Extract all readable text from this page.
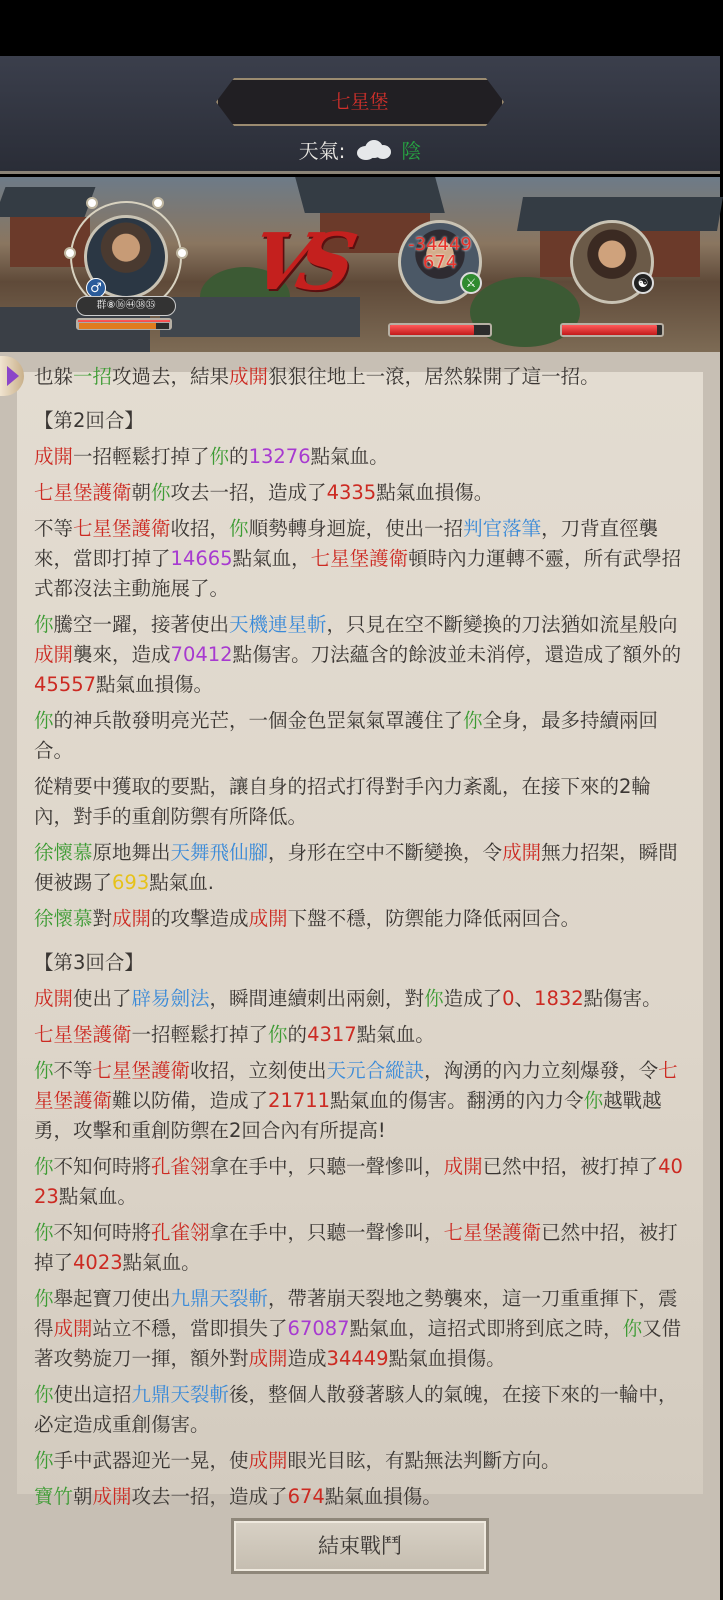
七星堡
天氣:	陰
VS
♂
群⑧⑯㊹㊳㉟
-34449
674
⚔	☯
也躲一招攻過去，結果成開狠狠往地上一滾，居然躲開了這一招。
【第2回合】
成開一招輕鬆打掉了你的13276點氣血。
七星堡護衛朝你攻去一招，造成了4335點氣血損傷。
不等七星堡護衛收招，你順勢轉身迴旋，使出一招判官落筆，刀背直徑襲來，當即打掉了14665點氣血，七星堡護衛頓時內力運轉不靈，所有武學招式都沒法主動施展了。
你騰空一躍，接著使出天機連星斬，只見在空不斷變換的刀法猶如流星般向成開襲來，造成70412點傷害。刀法蘊含的餘波並未消停，還造成了額外的45557點氣血損傷。
你的神兵散發明亮光芒，一個金色罡氣氣罩護住了你全身，最多持續兩回合。
從精要中獲取的要點，讓自身的招式打得對手內力紊亂，在接下來的2輪內，對手的重創防禦有所降低。
徐懷慕原地舞出天舞飛仙腳，身形在空中不斷變換，令成開無力招架，瞬間便被踢了693點氣血.
徐懷慕對成開的攻擊造成成開下盤不穩，防禦能力降低兩回合。
【第3回合】
成開使出了辟易劍法，瞬間連續刺出兩劍，對你造成了0、1832點傷害。
七星堡護衛一招輕鬆打掉了你的4317點氣血。
你不等七星堡護衛收招，立刻使出天元合縱訣，洶湧的內力立刻爆發，令七星堡護衛難以防備，造成了21711點氣血的傷害。翻湧的內力令你越戰越勇，攻擊和重創防禦在2回合內有所提高!
你不知何時將孔雀翎拿在手中，只聽一聲慘叫，成開已然中招，被打掉了4023點氣血。
你不知何時將孔雀翎拿在手中，只聽一聲慘叫，七星堡護衛已然中招，被打掉了4023點氣血。
你舉起寶刀使出九鼎天裂斬，帶著崩天裂地之勢襲來，這一刀重重揮下，震得成開站立不穩，當即損失了67087點氣血，這招式即將到底之時，你又借著攻勢旋刀一揮，額外對成開造成34449點氣血損傷。
你使出這招九鼎天裂斬後，整個人散發著駭人的氣魄，在接下來的一輪中，必定造成重創傷害。
你手中武器迎光一晃，使成開眼光目眩，有點無法判斷方向。
寶竹朝成開攻去一招，造成了674點氣血損傷。
結束戰鬥
